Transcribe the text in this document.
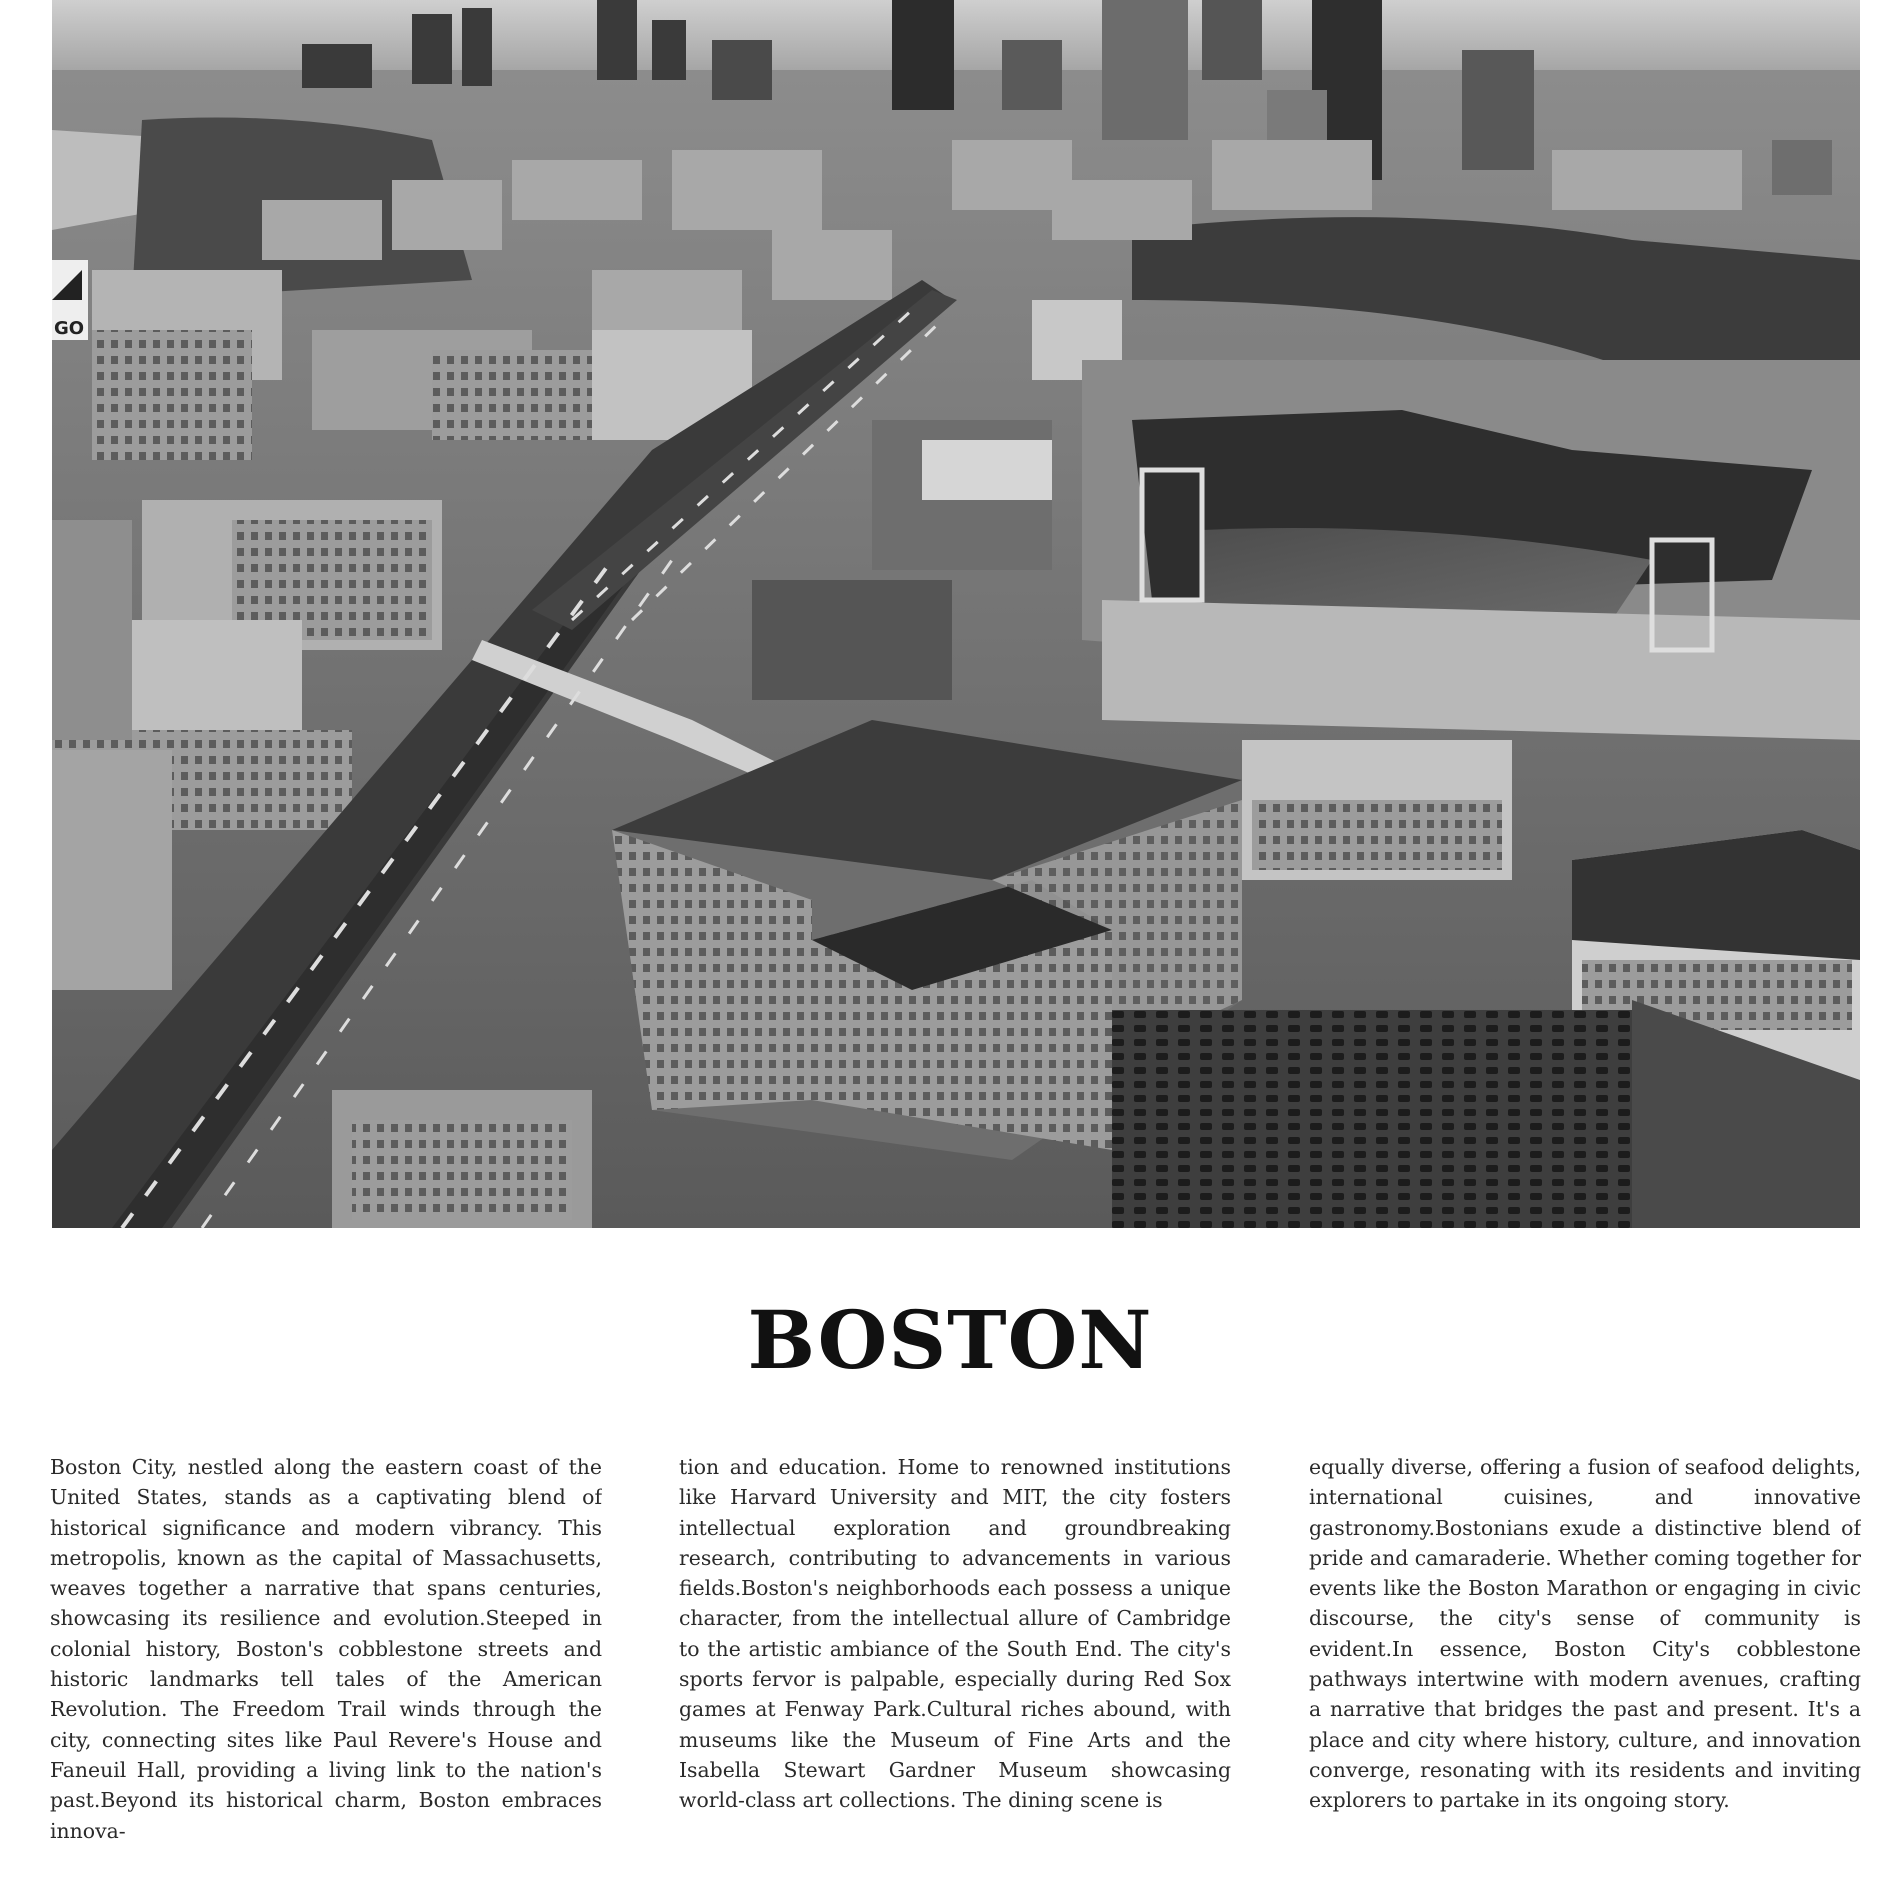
GO
BOSTON

Boston City, nestled along the eastern coast of the United States, stands as a captivating blend of historical significance and modern vibrancy. This metropolis, known as the capital of Massachusetts, weaves together a narrative that spans centuries, showcasing its resilience and evolution.Steeped in colonial history, Boston's cobblestone streets and historic landmarks tell tales of the American Revolution. The Freedom Trail winds through the city, connecting sites like Paul Revere's House and Faneuil Hall, providing a living link to the nation's past.Beyond its historical charm, Boston embraces innova-

tion and education. Home to renowned institutions like Harvard University and MIT, the city fosters intellectual exploration and groundbreaking research, contributing to advancements in various fields.Boston's neighborhoods each possess a unique character, from the intellectual allure of Cambridge to the artistic ambiance of the South End. The city's sports fervor is palpable, especially during Red Sox games at Fenway Park.Cultural riches abound, with museums like the Museum of Fine Arts and the Isabella Stewart Gardner Museum showcasing world-class art collections. The dining scene is

equally diverse, offering a fusion of seafood delights, international cuisines, and innovative gastronomy.Bostonians exude a distinctive blend of pride and camaraderie. Whether coming together for events like the Boston Marathon or engaging in civic discourse, the city's sense of community is evident.In essence, Boston City's cobblestone pathways intertwine with modern avenues, crafting a narrative that bridges the past and present. It's a place and city where history, culture, and innovation converge, resonating with its residents and inviting explorers to partake in its ongoing story.
